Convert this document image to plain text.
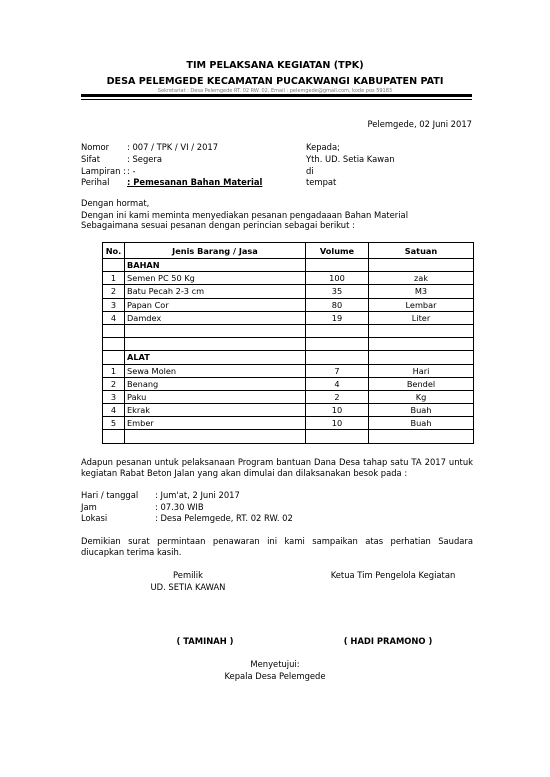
TIM PELAKSANA KEGIATAN (TPK)
DESA PELEMGEDE KECAMATAN PUCAKWANGI KABUPATEN PATI
Sekretariat : Desa Pelemgede RT. 02 RW. 02, Email : pelemgede@gmail.com, kode pos 59183
Pelemgede, 02 Juni 2017
Nomor : 007 / TPK / VI / 2017
Sifat	: Segera
Lampiran : : -
Perihal : Pemesanan Bahan Material
Kepada;
Yth. UD. Setia Kawan
di
tempat
Dengan hormat,
Dengan ini kami meminta menyediakan pesanan pengadaaan Bahan Material
Sebagaimana sesuai pesanan dengan perincian sebagai berikut :
No.	Jenis Barang / Jasa	Volume	Satuan
	BAHAN		
1	Semen PC 50 Kg	100	zak
2	Batu Pecah 2-3 cm	35	M3
3	Papan Cor	80	Lembar
4	Damdex	19	Liter

	ALAT		
1	Sewa Molen	7	Hari
2	Benang	4	Bendel
3	Paku	2	Kg
4	Ekrak	10	Buah
5	Ember	10	Buah

Adapun pesanan untuk pelaksanaan Program bantuan Dana Desa tahap satu TA 2017 untuk kegiatan Rabat Beton Jalan yang akan dimulai dan dilaksanakan besok pada :
Hari / tanggal : Jum'at, 2 Juni 2017
Jam	: 07.30 WIB
Lokasi	: Desa Pelemgede, RT. 02 RW. 02
Demikian surat permintaan penawaran ini kami sampaikan atas perhatian Saudara diucapkan terima kasih.
Pemilik
UD. SETIA KAWAN
Ketua Tim Pengelola Kegiatan
( TAMINAH )	( HADI PRAMONO )
Menyetujui:
Kepala Desa Pelemgede
